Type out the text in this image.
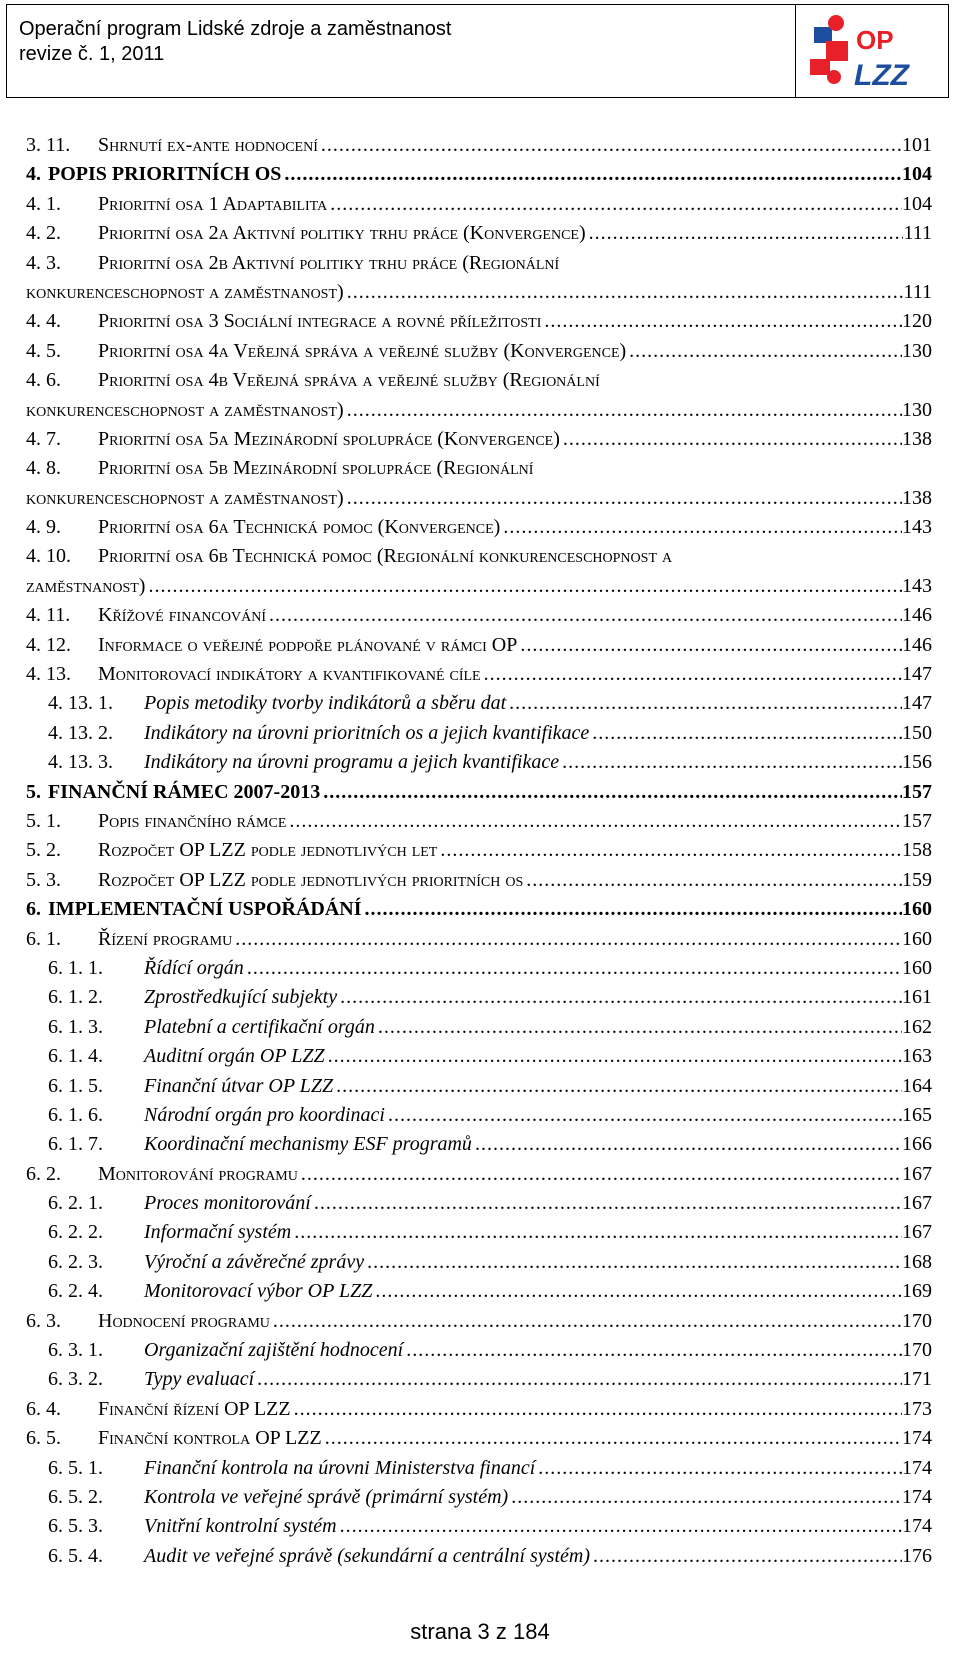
Operační program Lidské zdroje a zaměstnanost
revize č. 1, 2011	OP
LZZ
3. 11. Shrnutí ex-ante hodnocení .....	101
4. POPIS PRIORITNÍCH OS .....	104
4. 1. Prioritní osa 1 Adaptabilita .....	104
4. 2. Prioritní osa 2a Aktivní politiky trhu práce (Konvergence) .....	111
4. 3. Prioritní osa 2b Aktivní politiky trhu práce (Regionální
konkurenceschopnost a zaměstnanost) .....	111
4. 4. Prioritní osa 3 Sociální integrace a rovné příležitosti .....	120
4. 5. Prioritní osa 4a Veřejná správa a veřejné služby (Konvergence) .....	130
4. 6. Prioritní osa 4b Veřejná správa a veřejné služby (Regionální
konkurenceschopnost a zaměstnanost) .....	130
4. 7. Prioritní osa 5a Mezinárodní spolupráce (Konvergence) .....	138
4. 8. Prioritní osa 5b Mezinárodní spolupráce (Regionální
konkurenceschopnost a zaměstnanost) .....	138
4. 9. Prioritní osa 6a Technická pomoc (Konvergence) .....	143
4. 10. Prioritní osa 6b Technická pomoc (Regionální konkurenceschopnost a
zaměstnanost) .....	143
4. 11. Křížové financování .....	146
4. 12. Informace o veřejné podpoře plánované v rámci OP .....	146
4. 13. Monitorovací indikátory a kvantifikované cíle .....	147
4. 13. 1. Popis metodiky tvorby indikátorů a sběru dat .....	147
4. 13. 2. Indikátory na úrovni prioritních os a jejich kvantifikace .....	150
4. 13. 3. Indikátory na úrovni programu a jejich kvantifikace .....	156
5. FINANČNÍ RÁMEC 2007-2013 .....	157
5. 1. Popis finančního rámce .....	157
5. 2. Rozpočet OP LZZ podle jednotlivých let .....	158
5. 3. Rozpočet OP LZZ podle jednotlivých prioritních os .....	159
6. IMPLEMENTAČNÍ USPOŘÁDÁNÍ .....	160
6. 1. Řízení programu .....	160
6. 1. 1. Řídící orgán .....	160
6. 1. 2. Zprostředkující subjekty .....	161
6. 1. 3. Platební a certifikační orgán .....	162
6. 1. 4. Auditní orgán OP LZZ .....	163
6. 1. 5. Finanční útvar OP LZZ .....	164
6. 1. 6. Národní orgán pro koordinaci .....	165
6. 1. 7. Koordinační mechanismy ESF programů .....	166
6. 2. Monitorování programu .....	167
6. 2. 1. Proces monitorování .....	167
6. 2. 2. Informační systém .....	167
6. 2. 3. Výroční a závěrečné zprávy .....	168
6. 2. 4. Monitorovací výbor OP LZZ .....	169
6. 3. Hodnocení programu .....	170
6. 3. 1. Organizační zajištění hodnocení .....	170
6. 3. 2. Typy evaluací .....	171
6. 4. Finanční řízení OP LZZ .....	173
6. 5. Finanční kontrola OP LZZ .....	174
6. 5. 1. Finanční kontrola na úrovni Ministerstva financí .....	174
6. 5. 2. Kontrola ve veřejné správě (primární systém) .....	174
6. 5. 3. Vnitřní kontrolní systém .....	174
6. 5. 4. Audit ve veřejné správě (sekundární a centrální systém) .....	176
strana 3 z 184
